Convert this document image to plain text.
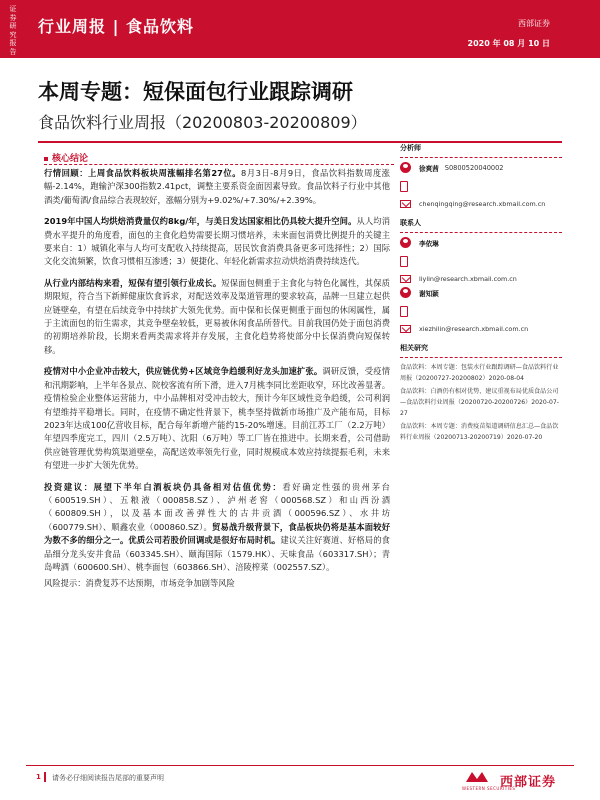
证券研究报告
行业周报 | 食品饮料	西部证券
2020 年 08 月 10 日
本周专题：短保面包行业跟踪调研
食品饮料行业周报（20200803-20200809）
核心结论

行情回顾：上周食品饮料板块周涨幅排名第27位。8月3日-8月9日，食品饮料指数周度涨幅-2.14%，跑输沪深300指数2.41pct，调整主要系资金面因素导致。食品饮料子行业中其他酒类/葡萄酒/食品综合表现较好，涨幅分别为+9.02%/+7.30%/+2.39%。

2019年中国人均烘焙消费量仅约8kg/年，与美日发达国家相比仍具较大提升空间。从人均消费水平提升的角度看，面包的主食化趋势需要长期习惯培养，未来面包消费比例提升的关键主要来自：1）城镇化率与人均可支配收入持续提高，居民饮食消费具备更多可选择性；2）国际文化交流频繁，饮食习惯相互渗透；3）便捷化、年轻化新需求拉动烘焙消费持续迭代。

从行业内部结构来看，短保有望引领行业成长。短保面包侧重于主食化与特色化属性，其保质期限短，符合当下新鲜健康饮食诉求，对配送效率及渠道管理的要求较高，品牌一旦建立起供应链壁垒，有望在后续竞争中持续扩大领先优势。而中保和长保更侧重于面包的休闲属性，属于主流面包的衍生需求，其竞争壁垒较低，更易被休闲食品所替代。目前我国仍处于面包消费的初期培养阶段，长期来看两类需求将并存发展，主食化趋势将使部分中长保消费向短保转移。

疫情对中小企业冲击较大，供应链优势+区域竞争趋缓利好龙头加速扩张。调研反馈，受疫情和汛期影响，上半年各景点、院校客流有所下滑，进入7月桃李同比差距收窄，环比改善显著。疫情检验企业整体运营能力，中小品牌相对受冲击较大，预计今年区域性竞争趋缓，公司利润有望维持平稳增长。同时，在疫情不确定性背景下，桃李坚持做新市场推广及产能布局，目标2023年达成100亿营收目标，配合每年新增产能约15-20%增速。目前江苏工厂（2.2万吨）年望四季度完工，四川（2.5万吨）、沈阳（6万吨）等工厂皆在推进中。长期来看，公司借助供应链管理优势构筑渠道壁垒，高配送效率领先行业，同时规模成本效应持续提振毛利，未来有望进一步扩大领先优势。

投资建议：展望下半年白酒板块仍具备相对估值优势：看好确定性强的贵州茅台（600519.SH）、五粮液（000858.SZ）、泸州老窖（000568.SZ）和山西汾酒（600809.SH），以及基本面改善弹性大的古井贡酒（000596.SZ）、水井坊（600779.SH）、顺鑫农业（000860.SZ）。贸易战升级背景下，食品板块仍将是基本面较好为数不多的细分之一。优质公司若股价回调或是很好布局时机。建议关注好赛道、好格局的食品细分龙头安井食品（603345.SH）、颐海国际（1579.HK）、天味食品（603317.SH）；青岛啤酒（600600.SH）、桃李面包（603866.SH）、涪陵榨菜（002557.SZ）。

风险提示：消费复苏不达预期，市场竞争加剧等风险

分析师
徐爽茜 S0800520040002
chenqingqing@research.xbmail.com.cn
联系人
李依琳
liylin@research.xbmail.com.cn
谢知颖
xiezhilin@research.xbmail.com.cn
相关研究
食品饮料：本周专题：包装水行业跟踪调研—食品饮料行业周报（20200727-20200802）2020-08-04
食品饮料：白酒仍有相对优势，建议重视布局优质食品公司—食品饮料行业周报（20200720-20200726）2020-07-27
食品饮料：本周专题：消费疫苗渠道调研信息汇总—食品饮料行业周报（20200713-20200719）2020-07-20
1 请务必仔细阅读报告尾部的重要声明
WESTERN SECURITIES
西部证券
